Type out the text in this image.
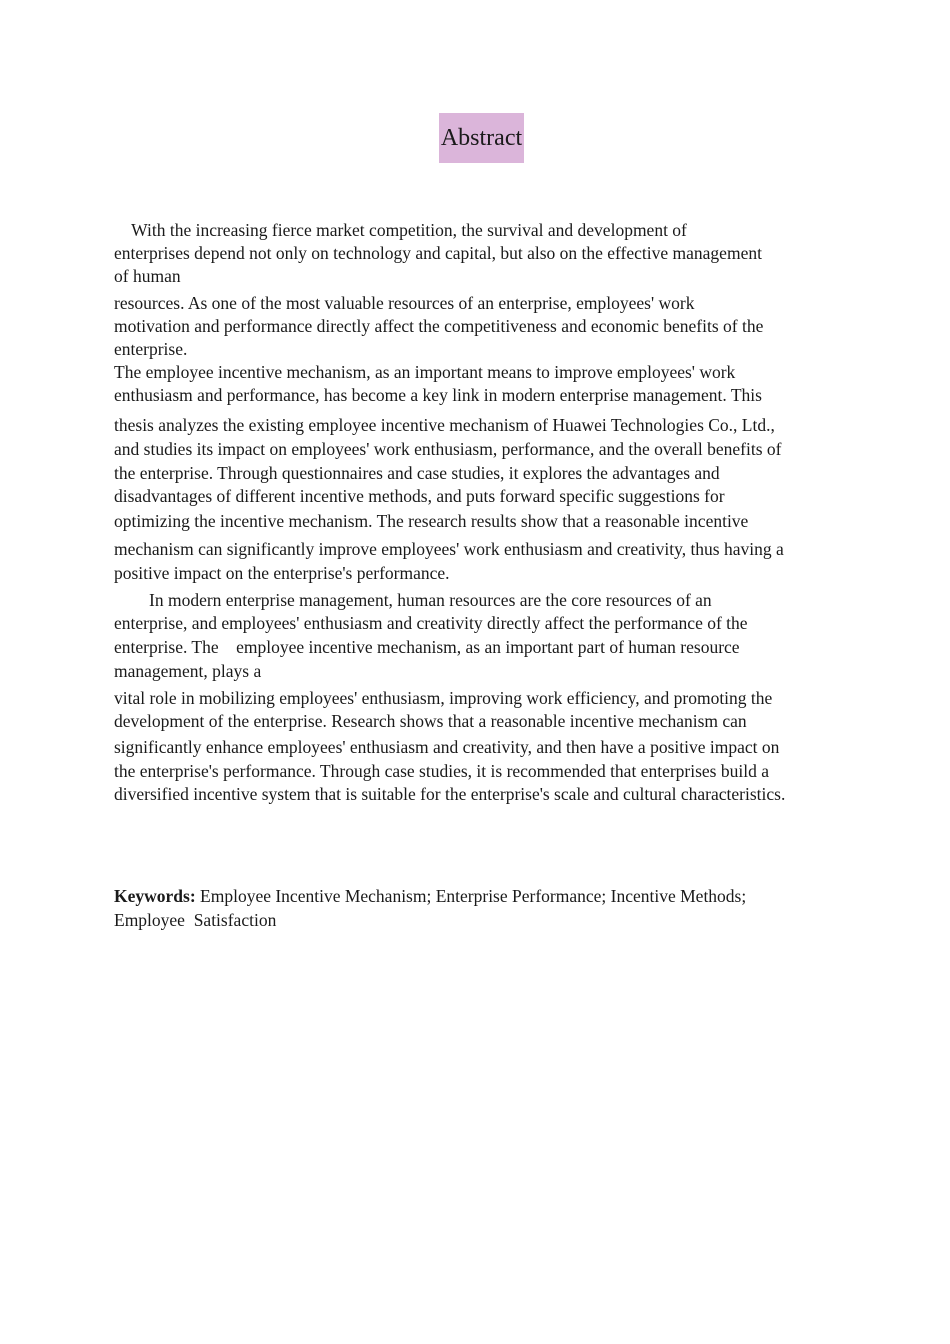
Abstract
With the increasing fierce market competition, the survival and development of
enterprises depend not only on technology and capital, but also on the effective management
of human
resources. As one of the most valuable resources of an enterprise, employees' work
motivation and performance directly affect the competitiveness and economic benefits of the
enterprise.
The employee incentive mechanism, as an important means to improve employees' work
enthusiasm and performance, has become a key link in modern enterprise management. This
thesis analyzes the existing employee incentive mechanism of Huawei Technologies Co., Ltd.,
and studies its impact on employees' work enthusiasm, performance, and the overall benefits of
the enterprise. Through questionnaires and case studies, it explores the advantages and
disadvantages of different incentive methods, and puts forward specific suggestions for
optimizing the incentive mechanism. The research results show that a reasonable incentive
mechanism can significantly improve employees' work enthusiasm and creativity, thus having a
positive impact on the enterprise's performance.
In modern enterprise management, human resources are the core resources of an
enterprise, and employees' enthusiasm and creativity directly affect the performance of the
enterprise. The    employee incentive mechanism, as an important part of human resource
management, plays a
vital role in mobilizing employees' enthusiasm, improving work efficiency, and promoting the
development of the enterprise. Research shows that a reasonable incentive mechanism can
significantly enhance employees' enthusiasm and creativity, and then have a positive impact on
the enterprise's performance. Through case studies, it is recommended that enterprises build a
diversified incentive system that is suitable for the enterprise's scale and cultural characteristics.
Keywords: Employee Incentive Mechanism; Enterprise Performance; Incentive Methods;
Employee  Satisfaction
